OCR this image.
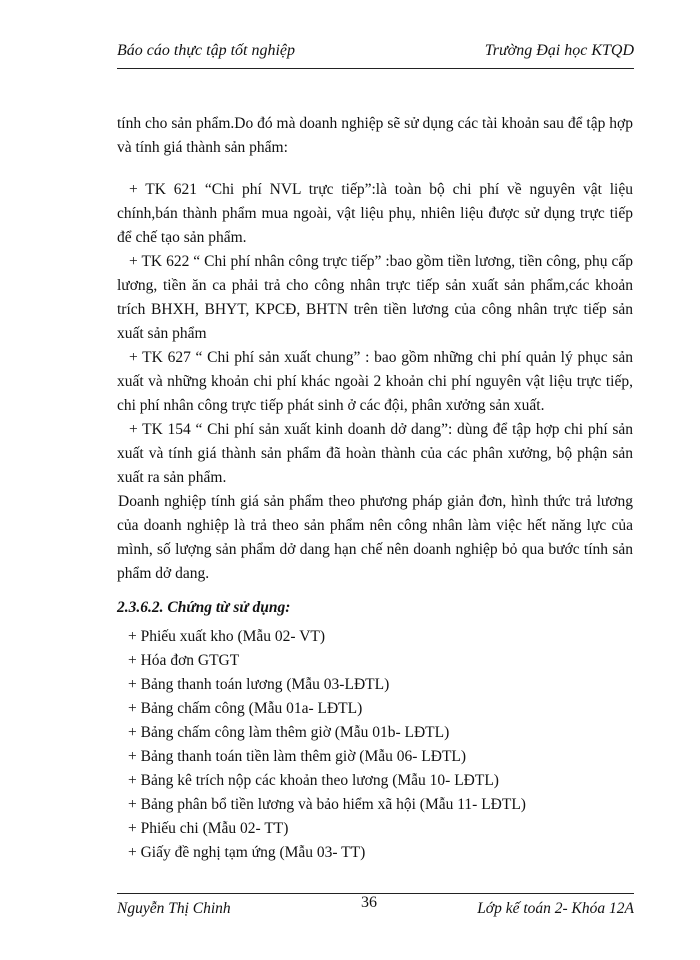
Báo cáo thực tập tốt nghiệp	Trường Đại học KTQD

tính cho sản phẩm.Do đó mà doanh nghiệp sẽ sử dụng các tài khoản sau để tập hợp và tính giá thành sản phẩm:

+ TK 621 “Chi phí NVL trực tiếp”:là toàn bộ chi phí về nguyên vật liệu chính,bán thành phẩm mua ngoài, vật liệu phụ, nhiên liệu được sử dụng trực tiếp để chế tạo sản phẩm.

+ TK 622 “ Chi phí nhân công trực tiếp” :bao gồm tiền lương, tiền công, phụ cấp lương, tiền ăn ca phải trả cho công nhân trực tiếp sản xuất sản phẩm,các khoản trích BHXH, BHYT, KPCĐ, BHTN trên tiền lương của công nhân trực tiếp sản xuất sản phẩm

+ TK 627 “ Chi phí sản xuất chung” : bao gồm những chi phí quản lý phục sản xuất và những khoản chi phí khác ngoài 2 khoản chi phí nguyên vật liệu trực tiếp, chi phí nhân công trực tiếp phát sinh ở các đội, phân xưởng sản xuất.

+ TK 154 “ Chi phí sản xuất kinh doanh dở dang”: dùng để tập hợp chi phí sản xuất và tính giá thành sản phẩm đã hoàn thành của các phân xưởng, bộ phận sản xuất ra sản phẩm.

Doanh nghiệp tính giá sản phẩm theo phương pháp giản đơn, hình thức trả lương của doanh nghiệp là trả theo sản phẩm nên công nhân làm việc hết năng lực của mình, số lượng sản phẩm dở dang hạn chế nên doanh nghiệp bỏ qua bước tính sản phẩm dở dang.

2.3.6.2. Chứng từ sử dụng:
+ Phiếu xuất kho (Mẫu 02- VT)
+ Hóa đơn GTGT
+ Bảng thanh toán lương (Mẫu 03-LĐTL)
+ Bảng chấm công (Mẫu 01a- LĐTL)
+ Bảng chấm công làm thêm giờ (Mẫu 01b- LĐTL)
+ Bảng thanh toán tiền làm thêm giờ (Mẫu 06- LĐTL)
+ Bảng kê trích nộp các khoản theo lương (Mẫu 10- LĐTL)
+ Bảng phân bổ tiền lương và bảo hiểm xã hội (Mẫu 11- LĐTL)
+ Phiếu chi (Mẫu 02- TT)
+ Giấy đề nghị tạm ứng (Mẫu 03- TT)
Nguyễn Thị Chinh	36	Lớp kế toán 2- Khóa 12A
